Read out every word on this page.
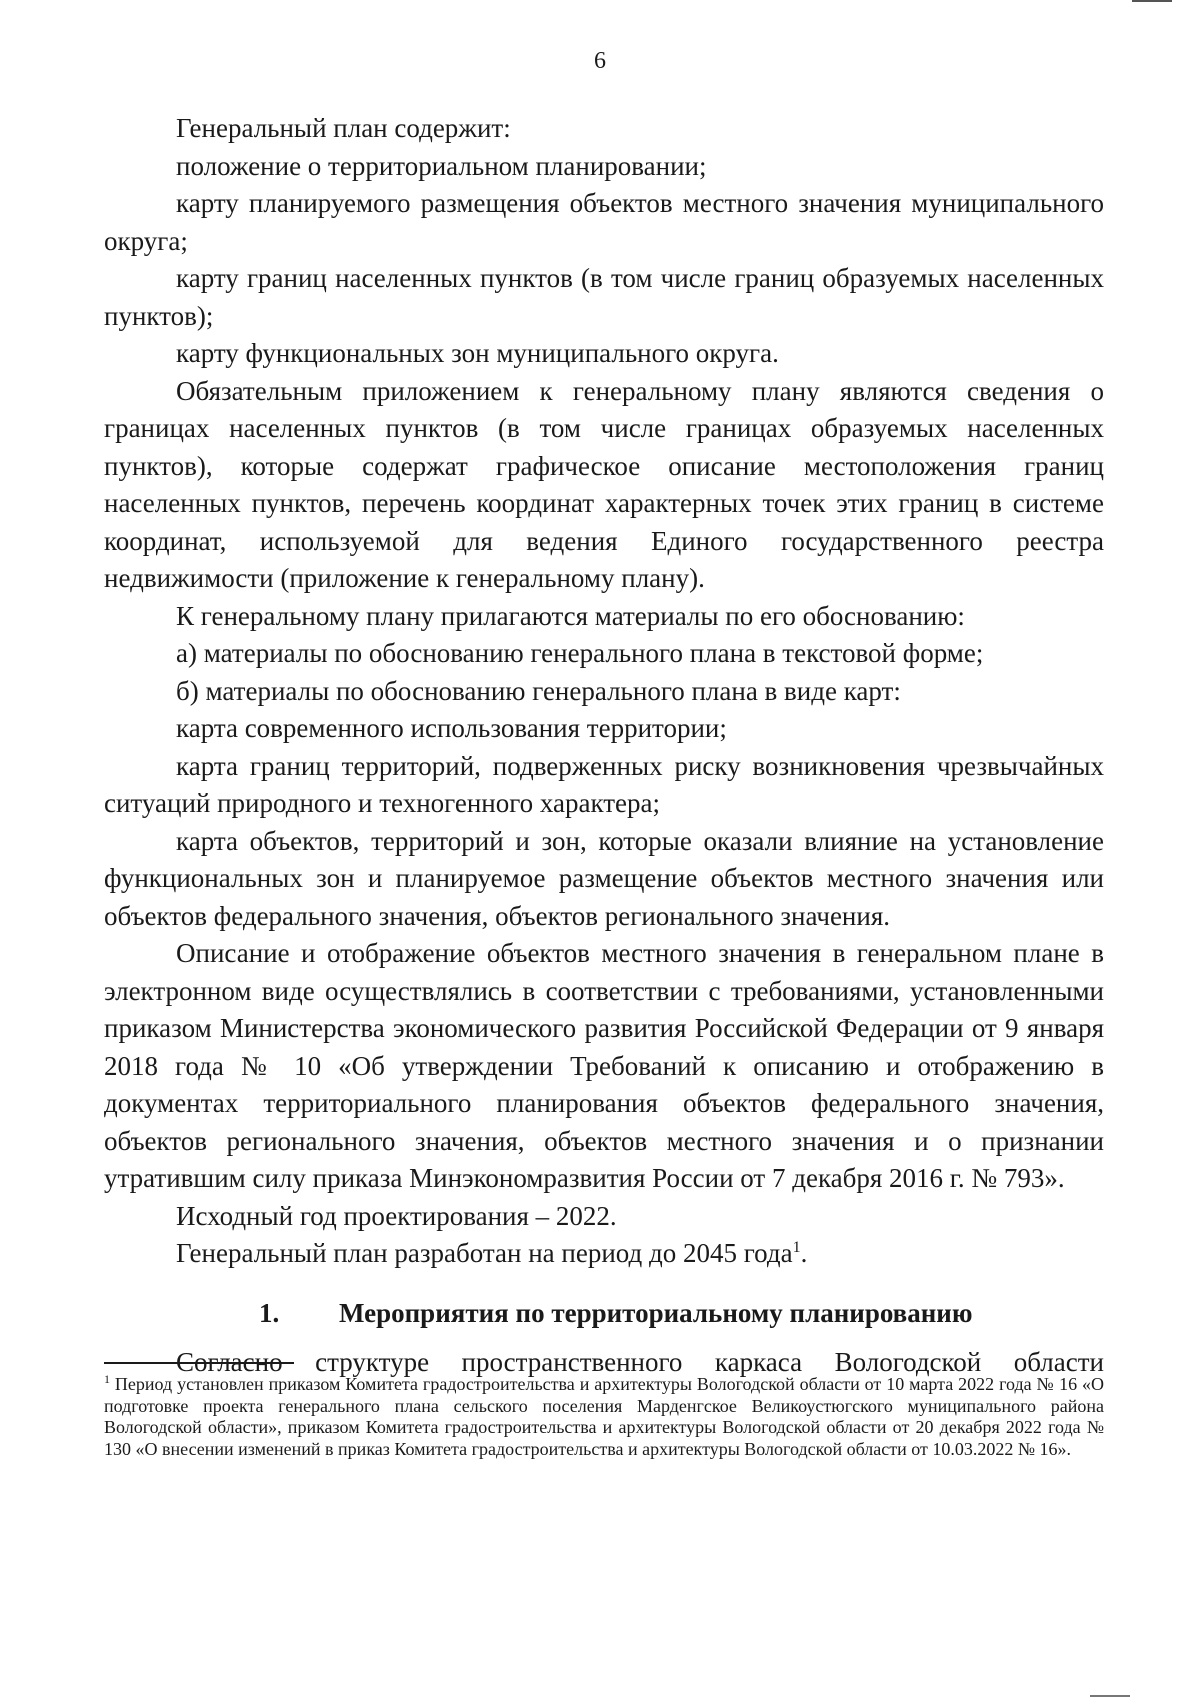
6

Генеральный план содержит:

положение о территориальном планировании;

карту планируемого размещения объектов местного значения муниципального округа;

карту границ населенных пунктов (в том числе границ образуемых населенных пунктов);

карту функциональных зон муниципального округа.

Обязательным приложением к генеральному плану являются сведения о границах населенных пунктов (в том числе границах образуемых населенных пунктов), которые содержат графическое описание местоположения границ населенных пунктов, перечень координат характерных точек этих границ в системе координат, используемой для ведения Единого государственного реестра недвижимости (приложение к генеральному плану).

К генеральному плану прилагаются материалы по его обоснованию:

а) материалы по обоснованию генерального плана в текстовой форме;

б) материалы по обоснованию генерального плана в виде карт:

карта современного использования территории;

карта границ территорий, подверженных риску возникновения чрезвычайных ситуаций природного и техногенного характера;

карта объектов, территорий и зон, которые оказали влияние на установление функциональных зон и планируемое размещение объектов местного значения или объектов федерального значения, объектов регионального значения.

Описание и отображение объектов местного значения в генеральном плане в электронном виде осуществлялись в соответствии с требованиями, установленными приказом Министерства экономического развития Российской Федерации от 9 января 2018 года № 10 «Об утверждении Требований к описанию и отображению в документах территориального планирования объектов федерального значения, объектов регионального значения, объектов местного значения и о признании утратившим силу приказа Минэкономразвития России от 7 декабря 2016 г. № 793».

Исходный год проектирования – 2022.

Генеральный план разработан на период до 2045 года$^1$.

1.	Мероприятия по территориальному планированию

Согласно структуре пространственного каркаса Вологодской области

$^1$ Период установлен приказом Комитета градостроительства и архитектуры Вологодской области от 10 марта 2022 года № 16 «О подготовке проекта генерального плана сельского поселения Марденгское Великоустюгского муниципального района Вологодской области», приказом Комитета градостроительства и архитектуры Вологодской области от 20 декабря 2022 года № 130 «О внесении изменений в приказ Комитета градостроительства и архитектуры Вологодской области от 10.03.2022 № 16».
